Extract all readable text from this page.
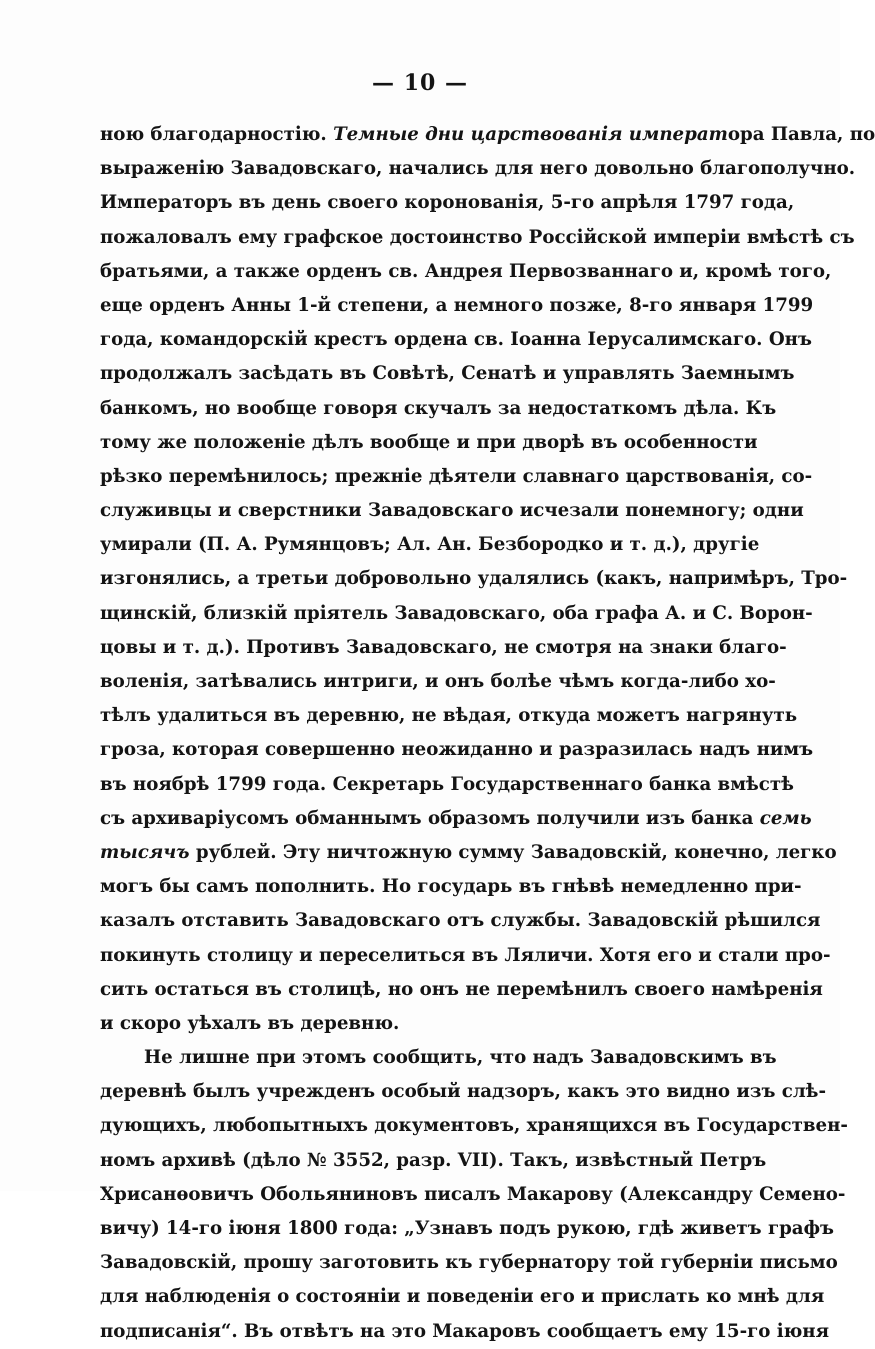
— 10 —
ною благодарностію. Темные дни царствованія императора Павла, по
выраженію Завадовскаго, начались для него довольно благополучно.
Императоръ въ день своего коронованія, 5-го апрѣля 1797 года,
пожаловалъ ему графское достоинство Россійской имперіи вмѣстѣ съ
братьями, а также орденъ св. Андрея Первозваннаго и, кромѣ того,
еще орденъ Анны 1-й степени, а немного позже, 8-го января 1799
года, командорскій крестъ ордена св. Іоанна Іерусалимскаго. Онъ
продолжалъ засѣдать въ Совѣтѣ, Сенатѣ и управлять Заемнымъ
банкомъ, но вообще говоря скучалъ за недостаткомъ дѣла. Къ
тому же положеніе дѣлъ вообще и при дворѣ въ особенности
рѣзко перемѣнилось; прежніе дѣятели славнаго царствованія, со-
служивцы и сверстники Завадовскаго исчезали понемногу; одни
умирали (П. А. Румянцовъ; Ал. Ан. Безбородко и т. д.), другіе
изгонялись, а третьи добровольно удалялись (какъ, напримѣръ, Тро-
щинскій, близкій пріятель Завадовскаго, оба графа А. и С. Ворон-
цовы и т. д.). Противъ Завадовскаго, не смотря на знаки благо-
воленія, затѣвались интриги, и онъ болѣе чѣмъ когда-либо хо-
тѣлъ удалиться въ деревню, не вѣдая, откуда можетъ нагрянуть
гроза, которая совершенно неожиданно и разразилась надъ нимъ
въ ноябрѣ 1799 года. Секретарь Государственнаго банка вмѣстѣ
съ архиваріусомъ обманнымъ образомъ получили изъ банка семь
тысячъ рублей. Эту ничтожную сумму Завадовскій, конечно, легко
могъ бы самъ пополнить. Но государь въ гнѣвѣ немедленно при-
казалъ отставить Завадовскаго отъ службы. Завадовскій рѣшился
покинуть столицу и переселиться въ Ляличи. Хотя его и стали про-
сить остаться въ столицѣ, но онъ не перемѣнилъ своего намѣренія
и скоро уѣхалъ въ деревню.
Не лишне при этомъ сообщить, что надъ Завадовскимъ въ
деревнѣ былъ учрежденъ особый надзоръ, какъ это видно изъ слѣ-
дующихъ, любопытныхъ документовъ, хранящихся въ Государствен-
номъ архивѣ (дѣло № 3552, разр. VII). Такъ, извѣстный Петръ
Хрисанѳовичъ Обольяниновъ писалъ Макарову (Александру Семено-
вичу) 14-го іюня 1800 года: „Узнавъ подъ рукою, гдѣ живетъ графъ
Завадовскій, прошу заготовить къ губернатору той губерніи письмо
для наблюденія о состояніи и поведеніи его и прислать ко мнѣ для
подписанія“. Въ отвѣтъ на это Макаровъ сообщаетъ ему 15-го іюня
